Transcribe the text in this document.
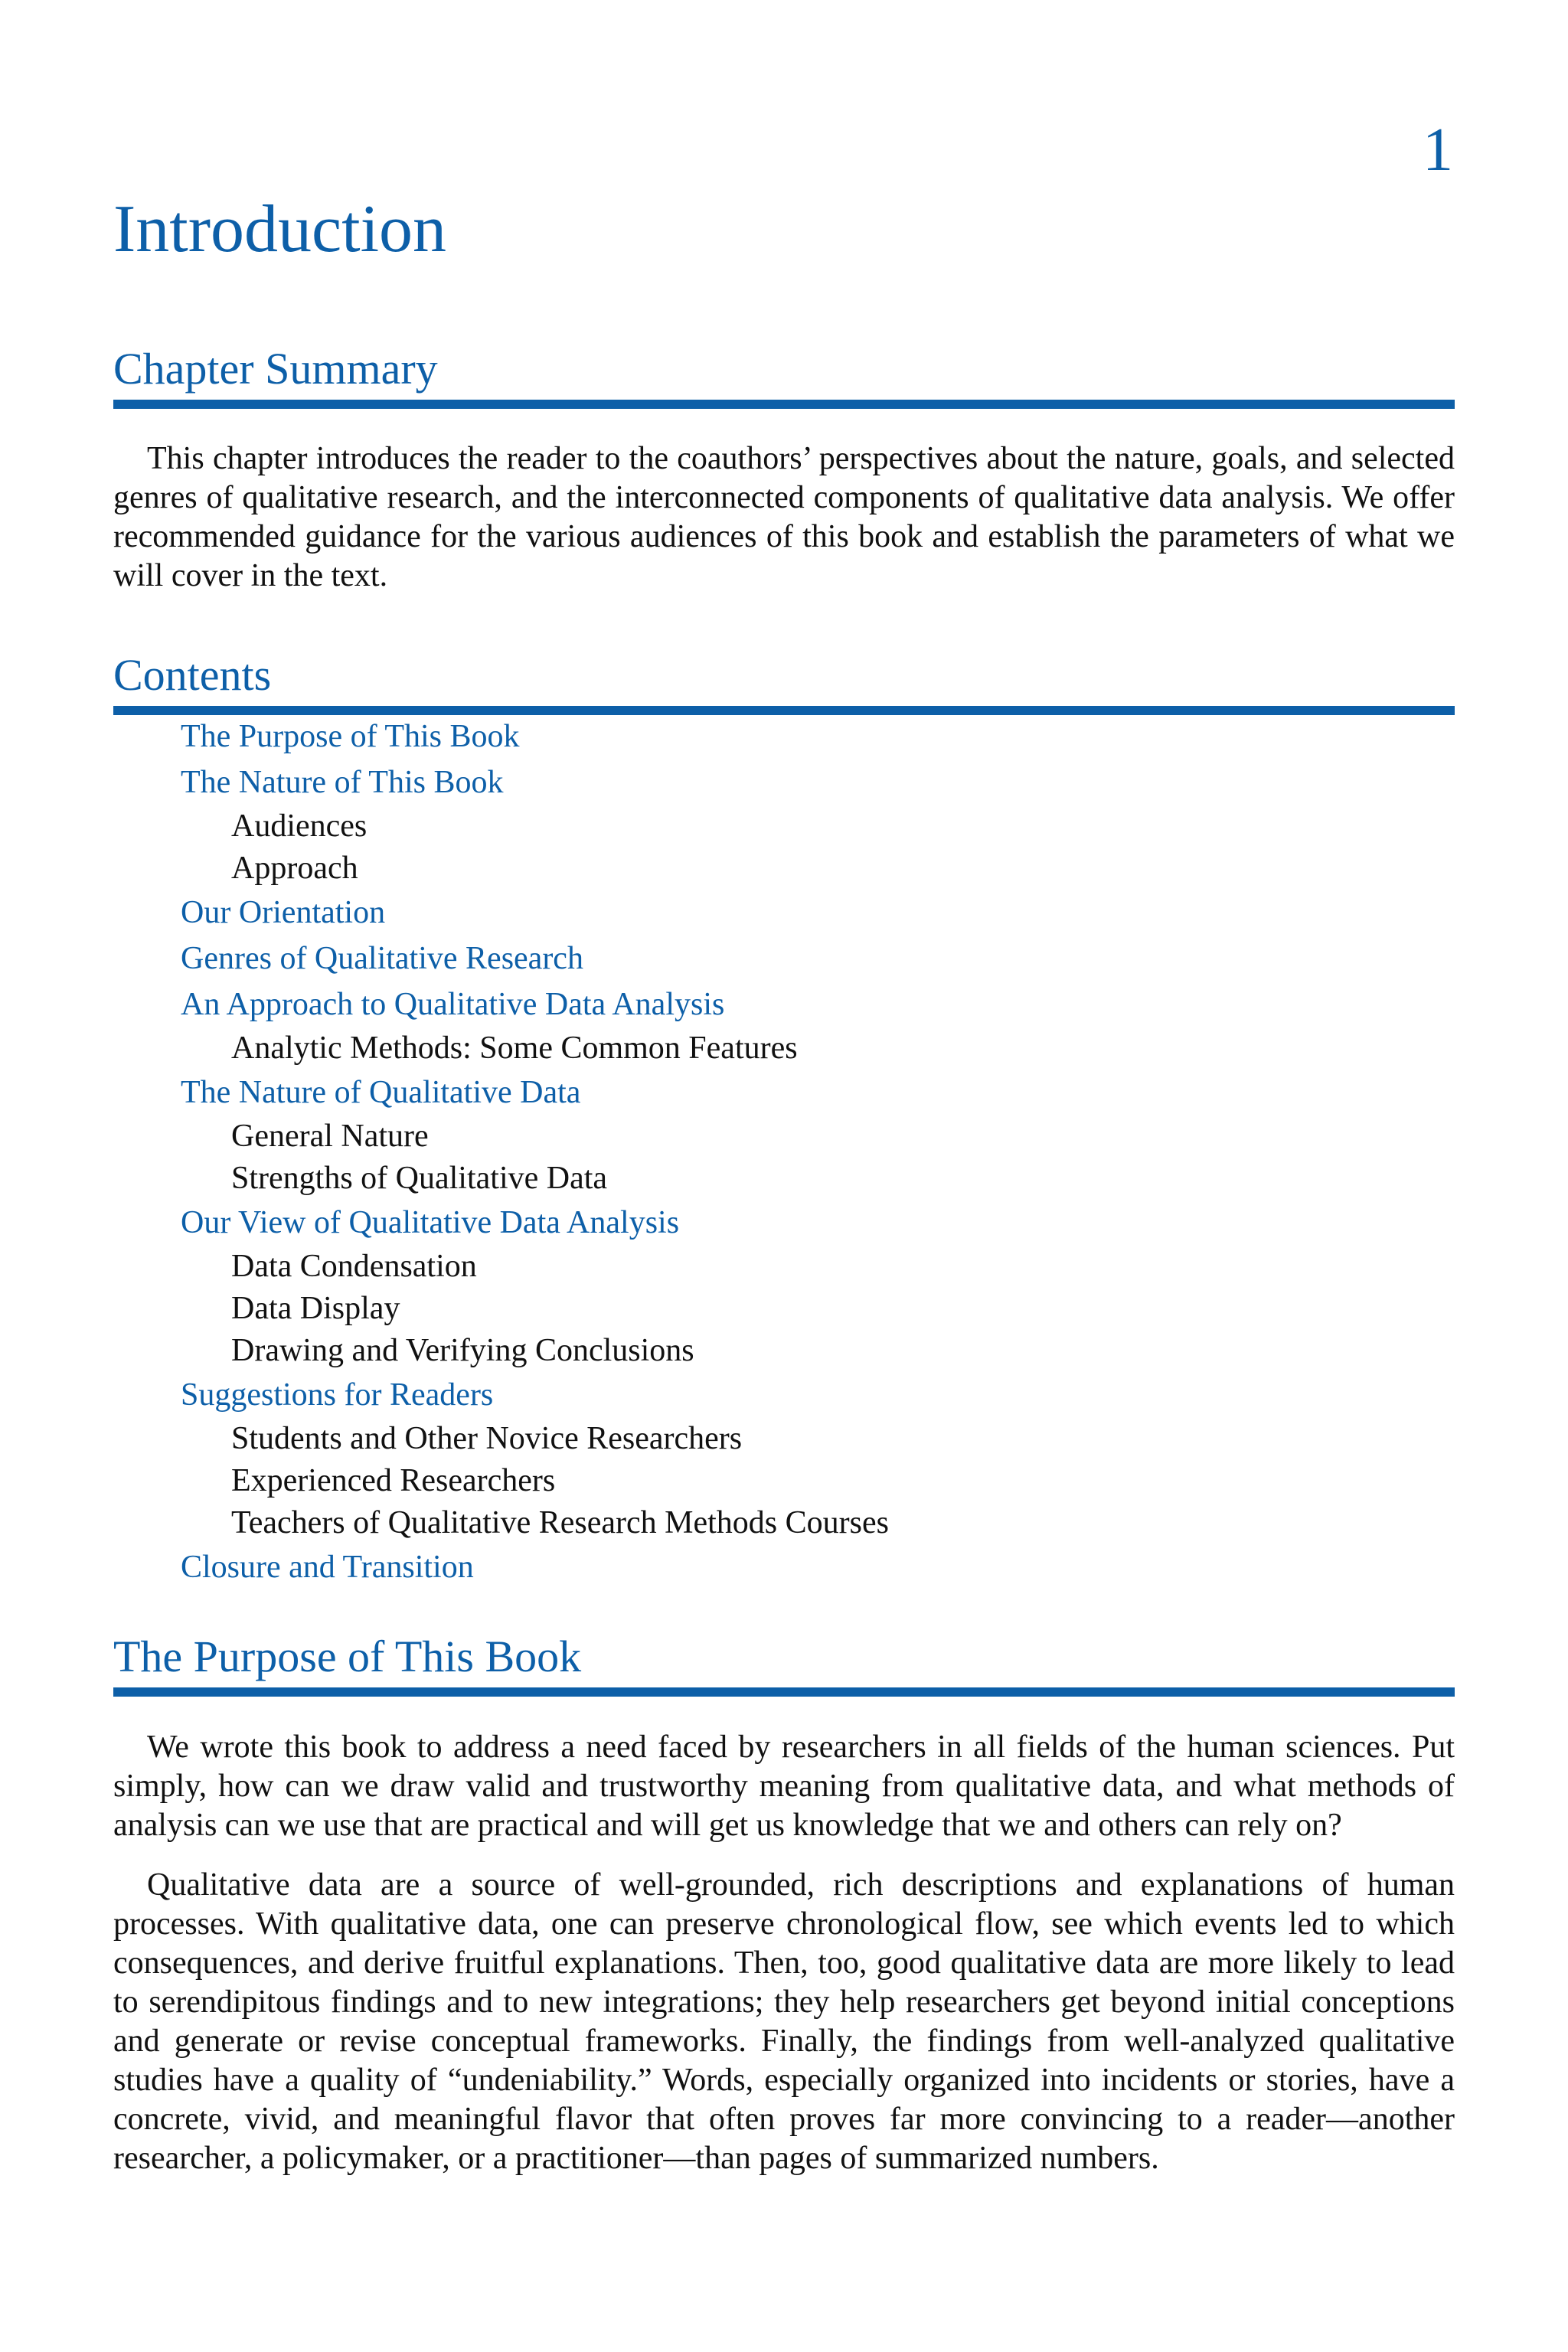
1
Introduction
Chapter Summary

This chapter introduces the reader to the coauthors’ perspectives about the nature, goals, and selected genres of qualitative research, and the interconnected components of qualitative data analysis. We offer recommended guidance for the various audiences of this book and establish the parameters of what we will cover in the text.

Contents
The Purpose of This Book
The Nature of This Book
Audiences
Approach
Our Orientation
Genres of Qualitative Research
An Approach to Qualitative Data Analysis
Analytic Methods: Some Common Features
The Nature of Qualitative Data
General Nature
Strengths of Qualitative Data
Our View of Qualitative Data Analysis
Data Condensation
Data Display
Drawing and Verifying Conclusions
Suggestions for Readers
Students and Other Novice Researchers
Experienced Researchers
Teachers of Qualitative Research Methods Courses
Closure and Transition
The Purpose of This Book

We wrote this book to address a need faced by researchers in all fields of the human sciences. Put simply, how can we draw valid and trustworthy meaning from qualitative data, and what methods of analysis can we use that are practical and will get us knowledge that we and others can rely on?

Qualitative data are a source of well-grounded, rich descriptions and explanations of human processes. With qualitative data, one can preserve chronological flow, see which events led to which consequences, and derive fruitful explanations. Then, too, good qualitative data are more likely to lead to serendipitous findings and to new integrations; they help researchers get beyond initial conceptions and generate or revise conceptual frameworks. Finally, the findings from well-analyzed qualitative studies have a quality of “undeniability.” Words, especially organized into incidents or stories, have a concrete, vivid, and meaningful flavor that often proves far more convincing to a reader—another researcher, a policymaker, or a practitioner—than pages of summarized numbers.
